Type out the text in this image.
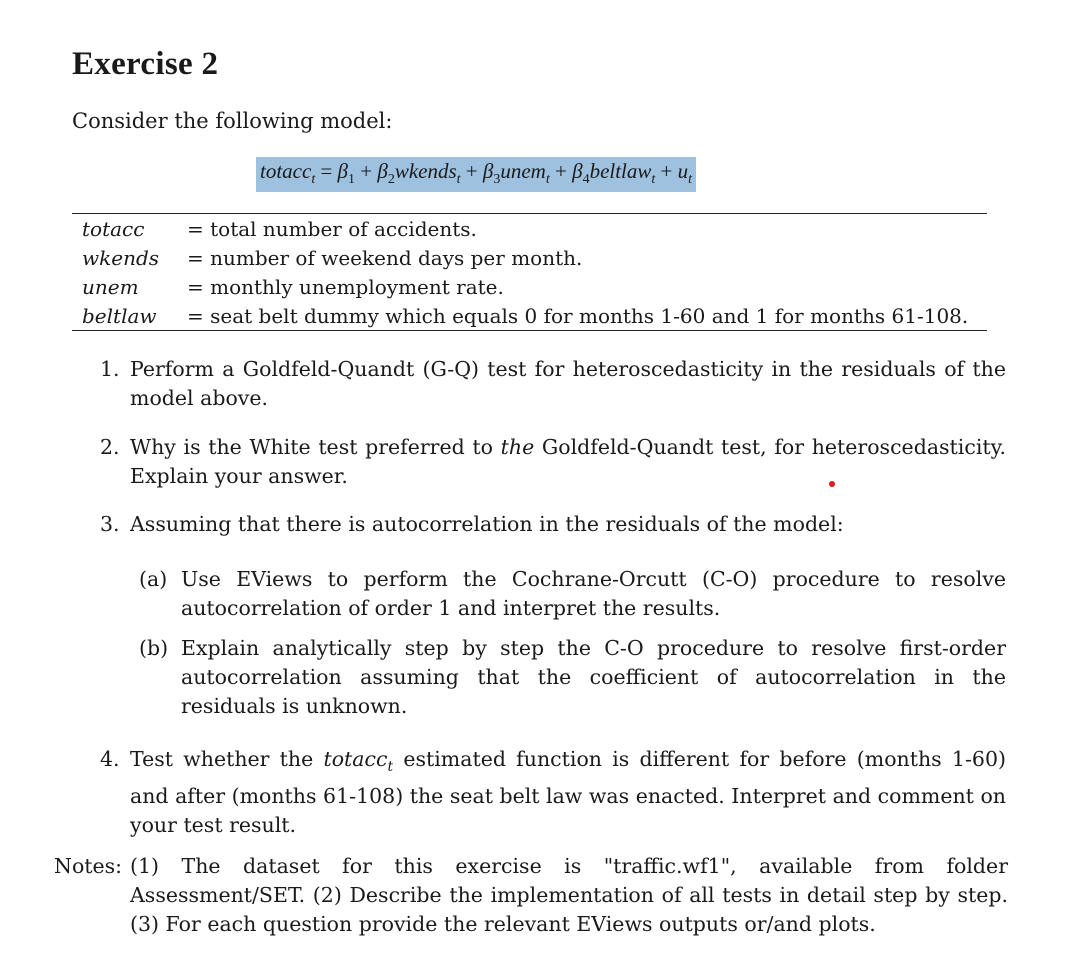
Exercise 2
Consider the following model:
totacc$_t$ = $\beta_1$ + $\beta_2wkends_t$ + $\beta_3unem_t$ + $\beta_4beltlaw_t + u_t$
totacc	= total number of accidents.
wkends	= number of weekend days per month.
unem	= monthly unemployment rate.
beltlaw	= seat belt dummy which equals 0 for months 1-60 and 1 for months 61-108.
1. Perform a Goldfeld-Quandt (G-Q) test for heteroscedasticity in the residuals of the model above.
2. Why is the White test preferred to the Goldfeld-Quandt test, for heteroscedasticity. Explain your answer.
3. Assuming that there is autocorrelation in the residuals of the model:
(a) Use EViews to perform the Cochrane-Orcutt (C-O) procedure to resolve autocorrelation of order 1 and interpret the results.
(b) Explain analytically step by step the C-O procedure to resolve first-order autocorrelation assuming that the coefficient of autocorrelation in the residuals is unknown.
4. Test whether the totacc$_t$ estimated function is different for before (months 1-60) and after (months 61-108) the seat belt law was enacted. Interpret and comment on your test result.
Notes: (1) The dataset for this exercise is "traffic.wf1", available from folder Assessment/SET. (2) Describe the implementation of all tests in detail step by step. (3) For each question provide the relevant EViews outputs or/and plots.
